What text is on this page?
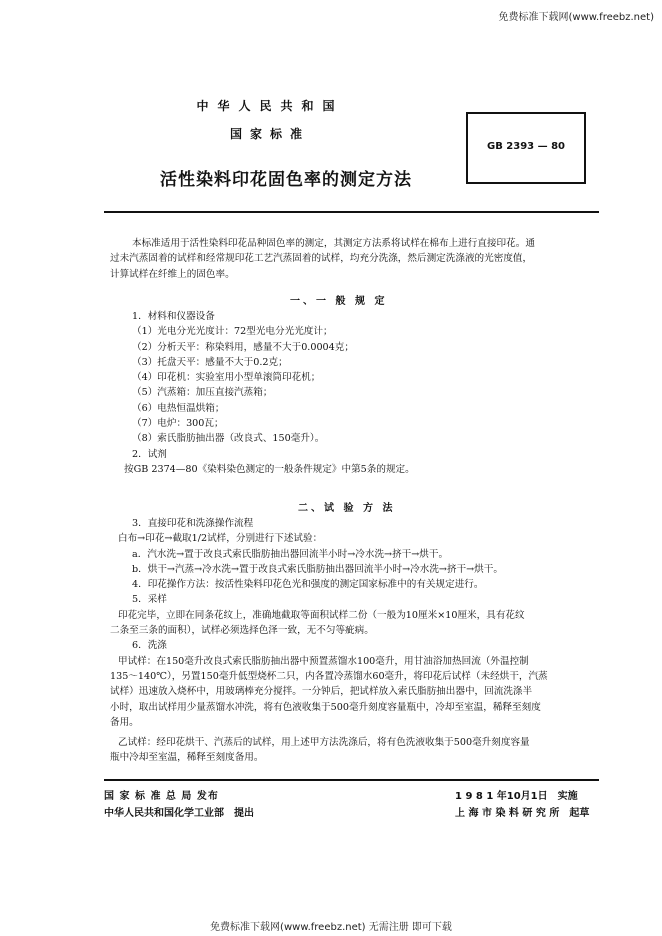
免费标准下载网(www.freebz.net)
中华人民共和国
国家标准
GB 2393 — 80
活性染料印花固色率的测定方法

本标准适用于活性染料印花品种固色率的测定，其测定方法系将试样在棉布上进行直接印花。通

过未汽蒸固着的试样和经常规印花工艺汽蒸固着的试样，均充分洗涤，然后测定洗涤液的光密度值，

计算试样在纤维上的固色率。

一、一 般 规 定

1．材料和仪器设备

（1）光电分光光度计：72型光电分光光度计；

（2）分析天平：称染料用，感量不大于0.0004克；

（3）托盘天平：感量不大于0.2克；

（4）印花机：实验室用小型单滚筒印花机；

（5）汽蒸箱：加压直接汽蒸箱；

（6）电热恒温烘箱；

（7）电炉：300瓦；

（8）索氏脂肪抽出器（改良式、150毫升）。

2．试剂

按GB 2374—80《染料染色测定的一般条件规定》中第5条的规定。

二、试 验 方 法

3．直接印花和洗涤操作流程

白布→印花→截取1/2试样，分别进行下述试验：

a．汽水洗→置于改良式索氏脂肪抽出器回流半小时→冷水洗→挤干→烘干。

b．烘干→汽蒸→冷水洗→置于改良式索氏脂肪抽出器回流半小时→冷水洗→挤干→烘干。

4．印花操作方法：按活性染料印花色光和强度的测定国家标准中的有关规定进行。

5．采样

印花完毕，立即在同条花纹上，准确地截取等面积试样二份（一般为10厘米×10厘米，具有花纹

二条至三条的面积），试样必须选择色泽一致，无不匀等疵病。

6．洗涤

甲试样：在150毫升改良式索氏脂肪抽出器中预置蒸馏水100毫升，用甘油浴加热回流（外温控制

135～140℃），另置150毫升低型烧杯二只，内各置冷蒸馏水60毫升，将印花后试样（未经烘干，汽蒸

试样）迅速放入烧杯中，用玻璃棒充分搅拌。一分钟后，把试样放入索氏脂肪抽出器中，回流洗涤半

小时，取出试样用少量蒸馏水冲洗，将有色液收集于500毫升刻度容量瓶中，冷却至室温，稀释至刻度

备用。

乙试样：经印花烘干、汽蒸后的试样，用上述甲方法洗涤后，将有色洗液收集于500毫升刻度容量

瓶中冷却至室温，稀释至刻度备用。

国 家 标 准 总 局 发布
中华人民共和国化学工业部　提出
1 9 8 1 年10月1日　实施
上 海 市 染 料 研 究 所　起草
免费标准下载网(www.freebz.net) 无需注册 即可下载
